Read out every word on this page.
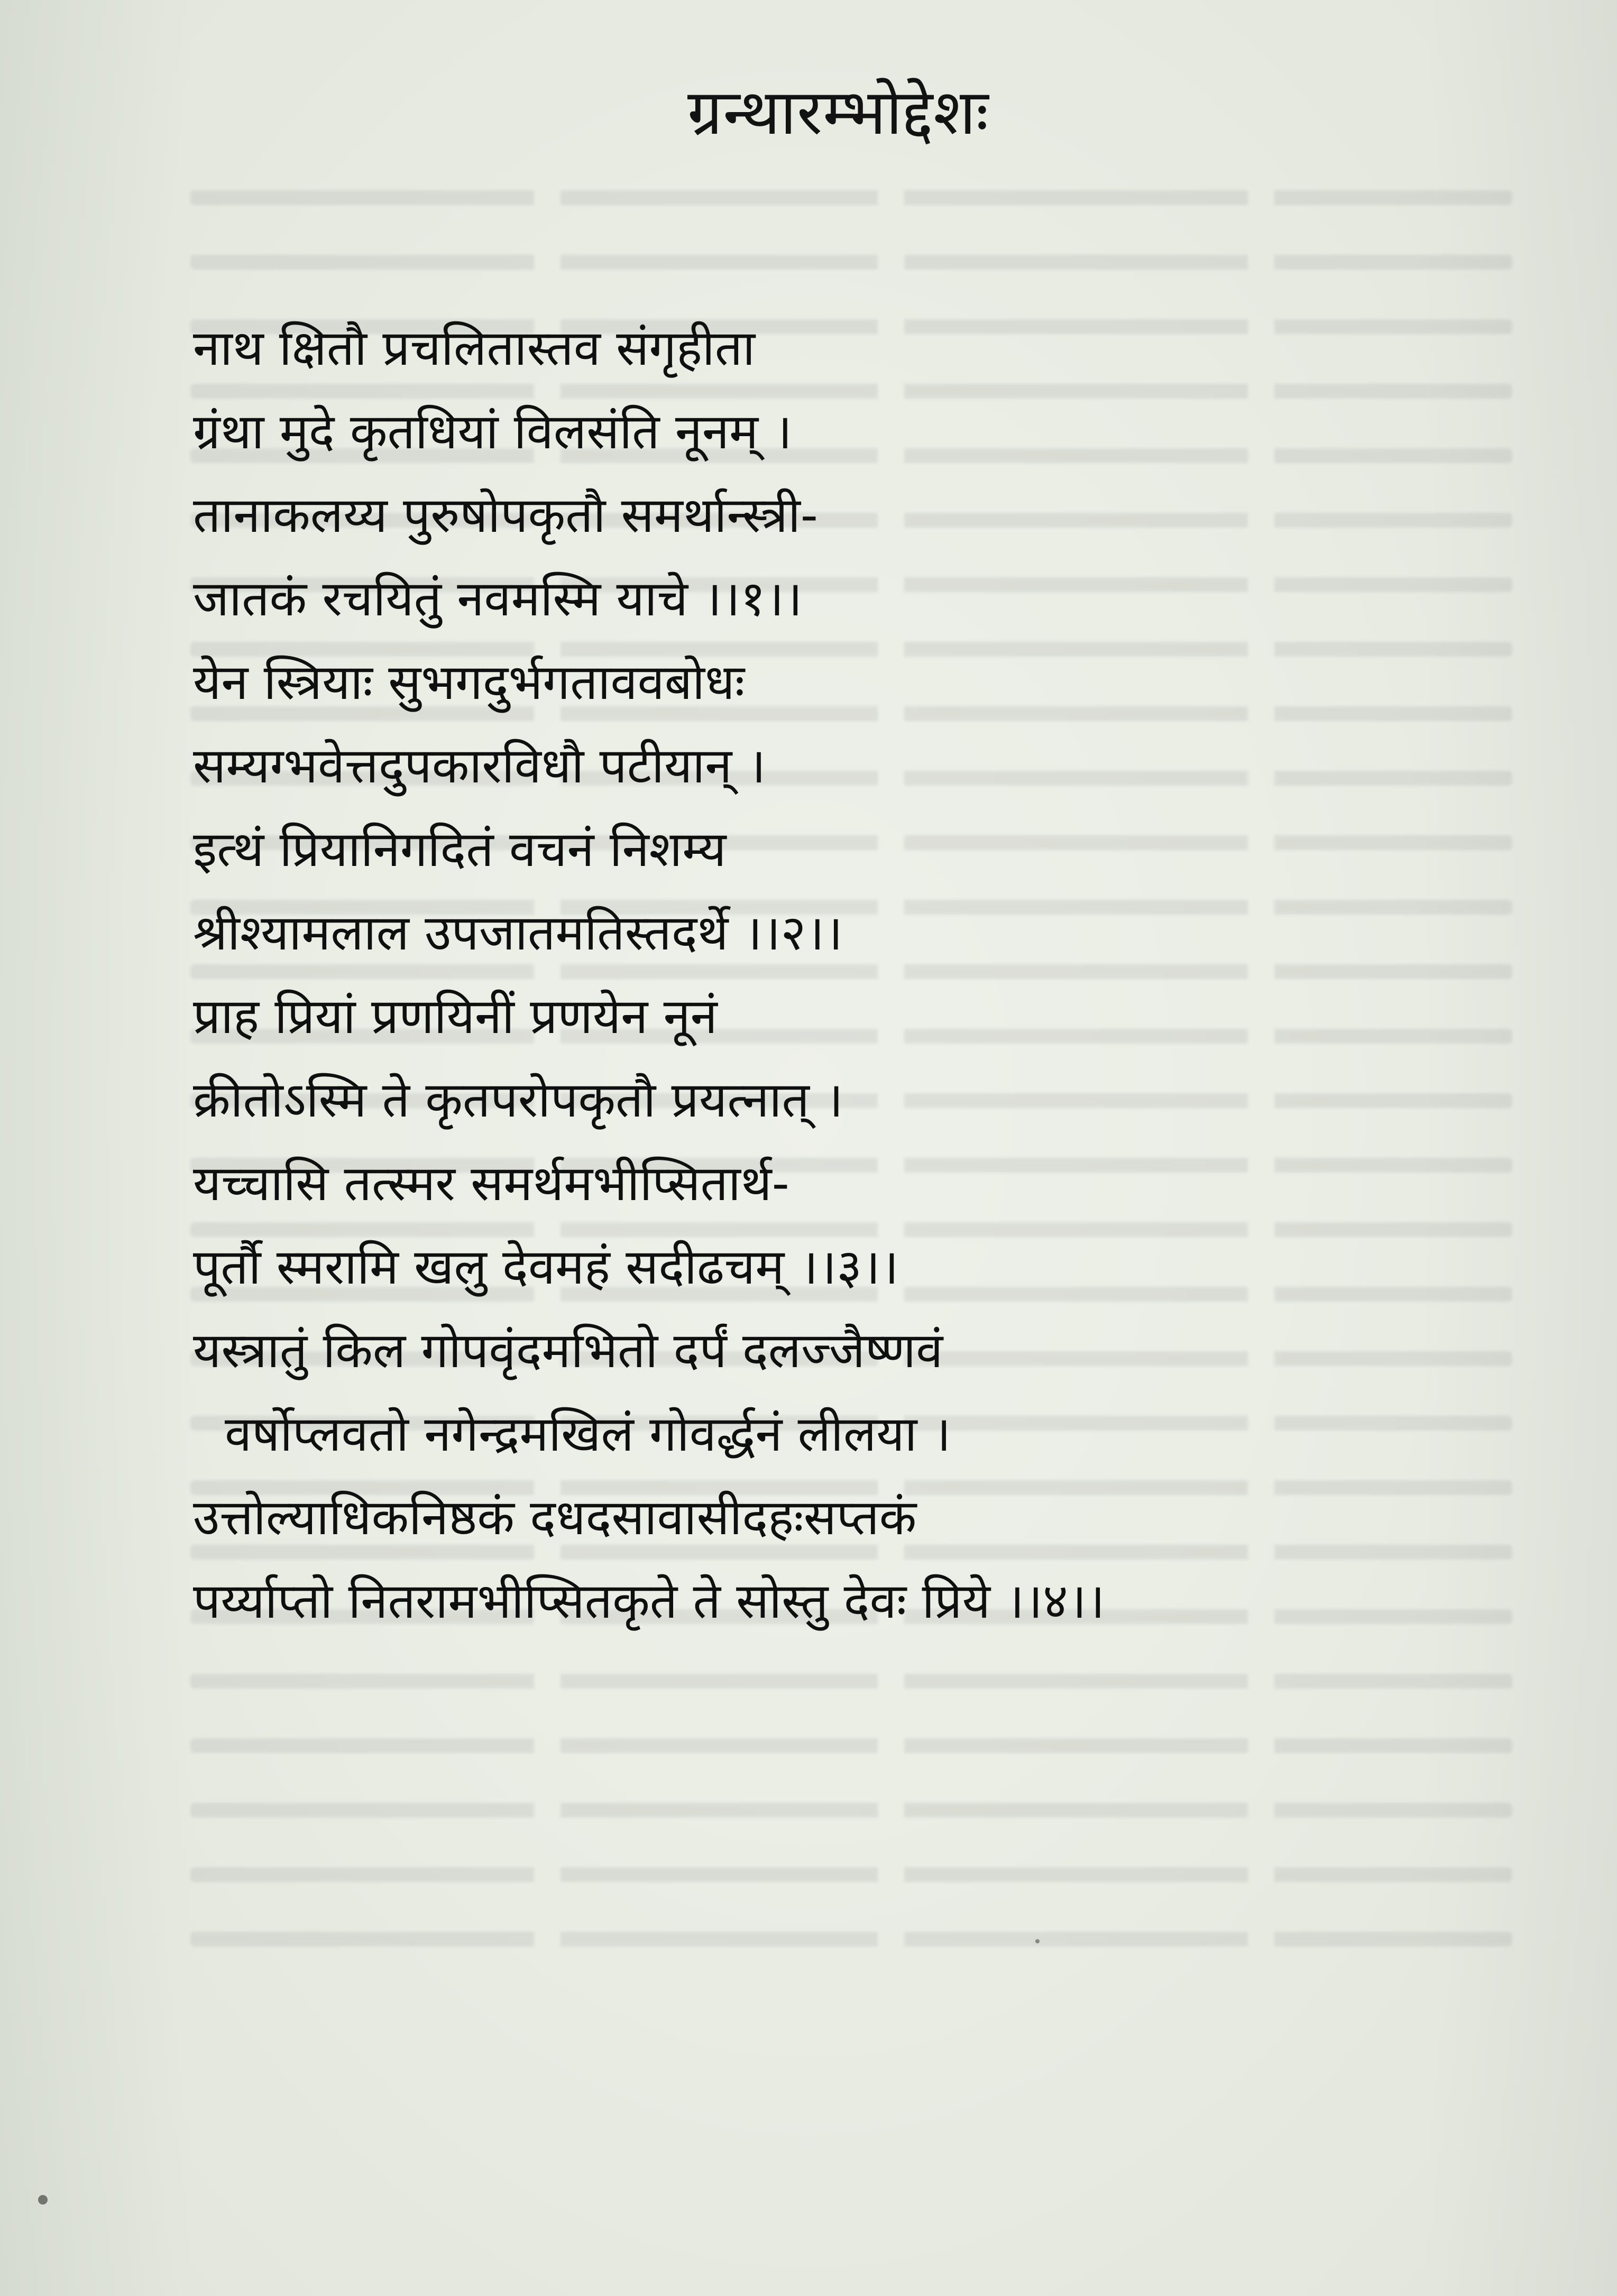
ग्रन्थारम्भोद्देशः
नाथ क्षितौ प्रचलितास्तव संगृहीता
ग्रंथा मुदे कृतधियां विलसंति नूनम् ।
तानाकलय्य पुरुषोपकृतौ समर्थान्स्त्री-
जातकं रचयितुं नवमस्मि याचे ।।१।।
येन स्त्रियाः सुभगदुर्भगताववबोधः
सम्यग्भवेत्तदुपकारविधौ पटीयान् ।
इत्थं प्रियानिगदितं वचनं निशम्य
श्रीश्यामलाल उपजातमतिस्तदर्थे ।।२।।
प्राह प्रियां प्रणयिनीं प्रणयेन नूनं
क्रीतोऽस्मि ते कृतपरोपकृतौ प्रयत्नात् ।
यच्चासि तत्स्मर समर्थमभीप्सितार्थ-
पूर्तौ स्मरामि खलु देवमहं सदीढचम् ।।३।।
यस्त्रातुं किल गोपवृंदमभितो दर्पं दलज्जैष्णवं
वर्षोप्लवतो नगेन्द्रमखिलं गोवर्द्धनं लीलया ।
उत्तोल्याधिकनिष्ठकं दधदसावासीदहःसप्तकं
पर्य्याप्तो नितरामभीप्सितकृते ते सोस्तु देवः प्रिये ।।४।।
